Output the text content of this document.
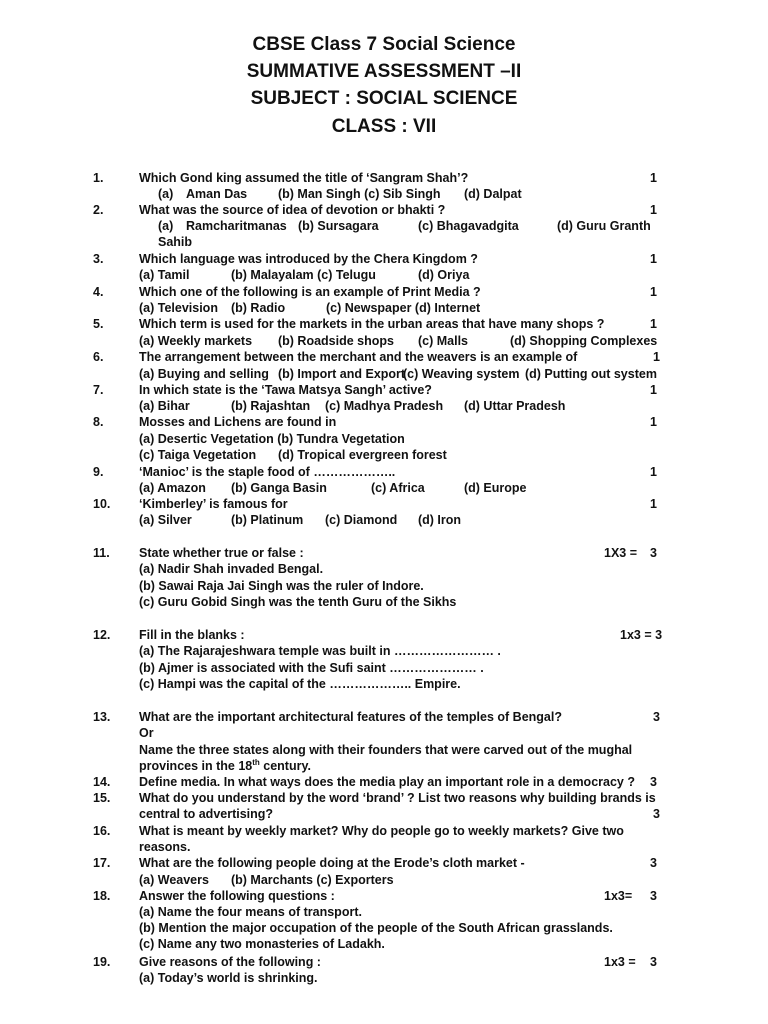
CBSE Class 7 Social Science
SUMMATIVE ASSESSMENT –II
SUBJECT : SOCIAL SCIENCE
CLASS : VII
1.	Which Gond king assumed the title of ‘Sangram Shah’?	1
(a) Aman Das (b) Man Singh (c) Sib Singh (d) Dalpat
2.	What was the source of idea of devotion or bhakti ?	1
(a) Ramcharitmanas (b) Sursagara	(c) Bhagavadgita	(d) Guru Granth
Sahib
3.	Which language was introduced by the Chera Kingdom ?	1
(a) Tamil	(b) Malayalam (c) Telugu	(d) Oriya
4.	Which one of the following is an example of Print Media ?	1
(a) Television (b) Radio	(c) Newspaper (d) Internet
5.	Which term is used for the markets in the urban areas that have many shops ?	1
(a) Weekly markets (b) Roadside shops (c) Malls	(d) Shopping Complexes
6.	The arrangement between the merchant and the weavers is an example of	1
(a) Buying and selling (b) Import and Export
(c) Weaving system (d) Putting out system
7.	In which state is the ‘Tawa Matsya Sangh’ active?	1
(a) Bihar	(b) Rajashtan (c) Madhya Pradesh (d) Uttar Pradesh
8.	Mosses and Lichens are found in	1
(a) Desertic Vegetation (b) Tundra Vegetation
(c) Taiga Vegetation (d) Tropical evergreen forest
9.	‘Manioc’ is the staple food of ………………..	1
(a) Amazon (b) Ganga Basin	(c) Africa	(d) Europe
10. ‘Kimberley’ is famous for	1
(a) Silver	(b) Platinum (c) Diamond (d) Iron
11. State whether true or false :	1X3 = 3
(a) Nadir Shah invaded Bengal.
(b) Sawai Raja Jai Singh was the ruler of Indore.
(c) Guru Gobid Singh was the tenth Guru of the Sikhs
12. Fill in the blanks :	1x3 = 3
(a) The Rajarajeshwara temple was built in …………………… .
(b) Ajmer is associated with the Sufi saint ………………… .
(c) Hampi was the capital of the ……………….. Empire.
13. What are the important architectural features of the temples of Bengal?	3
Or
Name the three states along with their founders that were carved out of the mughal
provinces in the 18th century.
14. Define media. In what ways does the media play an important role in a democracy ? 3
15. What do you understand by the word ‘brand’ ? List two reasons why building brands is
central to advertising?	3
16. What is meant by weekly market? Why do people go to weekly markets? Give two
reasons.
17. What are the following people doing at the Erode’s cloth market -	3
(a) Weavers (b) Marchants (c) Exporters
18. Answer the following questions :	1x3= 3
(a) Name the four means of transport.
(b) Mention the major occupation of the people of the South African grasslands.
(c) Name any two monasteries of Ladakh.
19. Give reasons of the following :	1x3 = 3
(a) Today’s world is shrinking.
